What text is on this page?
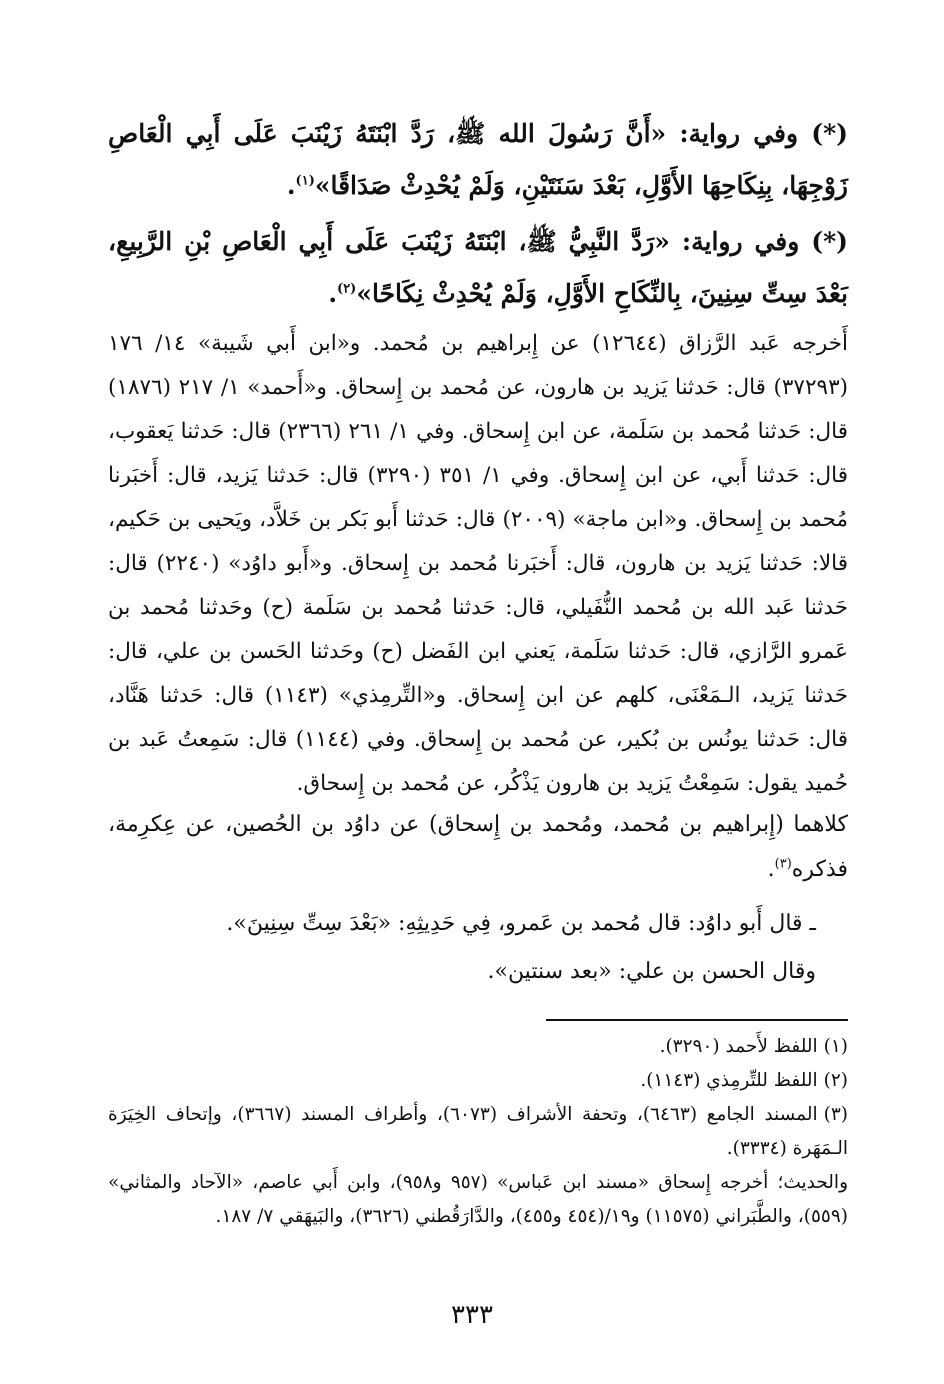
(*) وفي رواية: «أَنَّ رَسُولَ الله ﷺ، رَدَّ ابْنَتَهُ زَيْنَبَ عَلَى أَبِي الْعَاصِ زَوْجِهَا، بِنِكَاحِهَا الأَوَّلِ، بَعْدَ سَنَتَيْنِ، وَلَمْ يُحْدِثْ صَدَاقًا»$^{(١)}$.
(*) وفي رواية: «رَدَّ النَّبِيُّ ﷺ، ابْنَتَهُ زَيْنَبَ عَلَى أَبِي الْعَاصِ بْنِ الرَّبِيعِ، بَعْدَ سِتِّ سِنِينَ، بِالنِّكَاحِ الأَوَّلِ، وَلَمْ يُحْدِثْ نِكَاحًا»$^{(٢)}$.
أَخرجه عَبد الرَّزاق (١٢٦٤٤) عن إِبراهيم بن مُحمد. و«ابن أَبي شَيبة» ١٤/ ١٧٦ (٣٧٢٩٣) قال: حَدثنا يَزيد بن هارون، عن مُحمد بن إِسحاق. و«أَحمد» ١/ ٢١٧ (١٨٧٦) قال: حَدثنا مُحمد بن سَلَمة، عن ابن إِسحاق. وفي ١/ ٢٦١ (٢٣٦٦) قال: حَدثنا يَعقوب، قال: حَدثنا أَبي، عن ابن إِسحاق. وفي ١/ ٣٥١ (٣٢٩٠) قال: حَدثنا يَزيد، قال: أَخبَرنا مُحمد بن إِسحاق. و«ابن ماجة» (٢٠٠٩) قال: حَدثنا أَبو بَكر بن خَلاَّد، ويَحيى بن حَكيم، قالا: حَدثنا يَزيد بن هارون، قال: أَخبَرنا مُحمد بن إِسحاق. و«أَبو داوُد» (٢٢٤٠) قال: حَدثنا عَبد الله بن مُحمد النُّفَيلي، قال: حَدثنا مُحمد بن سَلَمة (ح) وحَدثنا مُحمد بن عَمرو الرَّازي، قال: حَدثنا سَلَمة، يَعني ابن الفَضل (ح) وحَدثنا الحَسن بن علي، قال: حَدثنا يَزيد، الـمَعْنَى، كلهم عن ابن إِسحاق. و«التِّرمِذي» (١١٤٣) قال: حَدثنا هَنَّاد، قال: حَدثنا يونُس بن بُكير، عن مُحمد بن إِسحاق. وفي (١١٤٤) قال: سَمِعتُ عَبد بن حُميد يقول: سَمِعْتُ يَزيد بن هارون يَذْكُر، عن مُحمد بن إِسحاق.
كلاهما (إِبراهيم بن مُحمد، ومُحمد بن إِسحاق) عن داوُد بن الحُصين، عن عِكرِمة، فذكره$^{(٣)}$.
ـ قال أَبو داوُد: قال مُحمد بن عَمرو، فِي حَدِيثِهِ: «بَعْدَ سِتِّ سِنِينَ».
وقال الحسن بن علي: «بعد سنتين».
(١)اللفظ لأَحمد (٣٢٩٠).
(٢)اللفظ للتِّرمِذي (١١٤٣).
(٣)المسند الجامع (٦٤٦٣)، وتحفة الأشراف (٦٠٧٣)، وأطراف المسند (٣٦٦٧)، وإتحاف الخِيَرَة الـمَهَرة (٣٣٣٤).
والحديث؛ أخرجه إِسحاق «مسند ابن عَباس» (٩٥٧ و٩٥٨)، وابن أَبي عاصم، «الآحاد والمثاني» (٥٥٩)، والطَّبَراني (١١٥٧٥) و١٩/(٤٥٤ و٤٥٥)، والدَّارَقُطني (٣٦٢٦)، والبَيهَقي ٧/ ١٨٧.
٣٣٣
